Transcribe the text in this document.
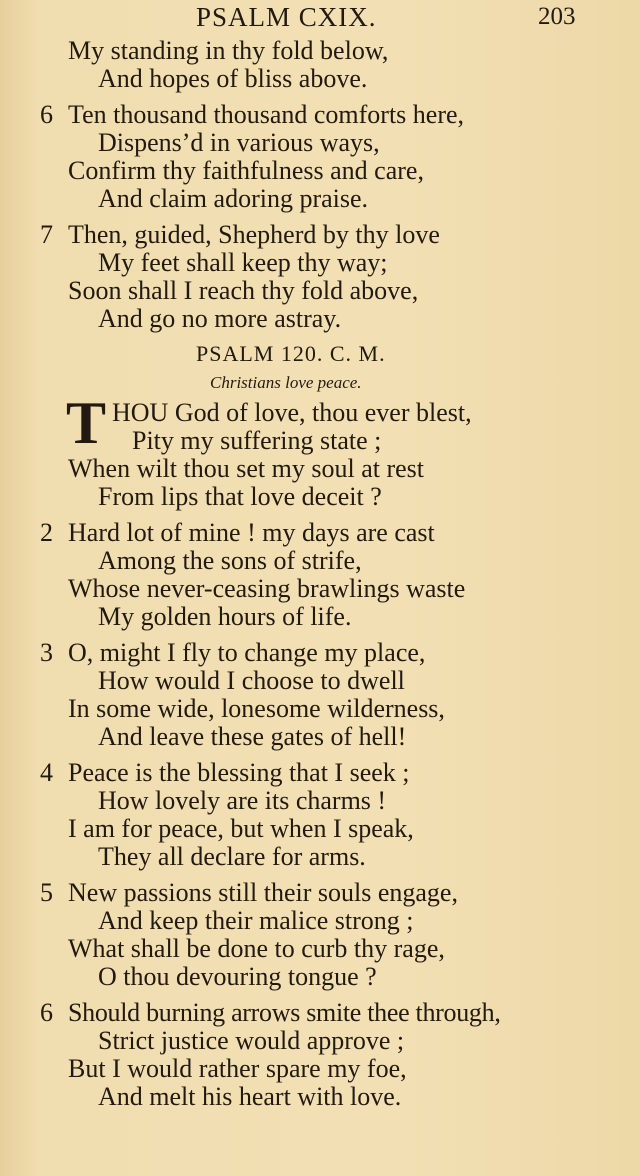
PSALM CXIX.	203
My standing in thy fold below,
And hopes of bliss above.
6 Ten thousand thousand comforts here,
Dispens’d in various ways,
Confirm thy faithfulness and care,
And claim adoring praise.
7 Then, guided, Shepherd by thy love
My feet shall keep thy way;
Soon shall I reach thy fold above,
And go no more astray.
PSALM 120. C. M.
Christians love peace.
T HOU God of love, thou ever blest,
Pity my suffering state ;
When wilt thou set my soul at rest
From lips that love deceit ?
2 Hard lot of mine ! my days are cast
Among the sons of strife,
Whose never-ceasing brawlings waste
My golden hours of life.
3 O, might I fly to change my place,
How would I choose to dwell
In some wide, lonesome wilderness,
And leave these gates of hell!
4 Peace is the blessing that I seek ;
How lovely are its charms !
I am for peace, but when I speak,
They all declare for arms.
5 New passions still their souls engage,
And keep their malice strong ;
What shall be done to curb thy rage,
O thou devouring tongue ?
6 Should burning arrows smite thee through,
Strict justice would approve ;
But I would rather spare my foe,
And melt his heart with love.
